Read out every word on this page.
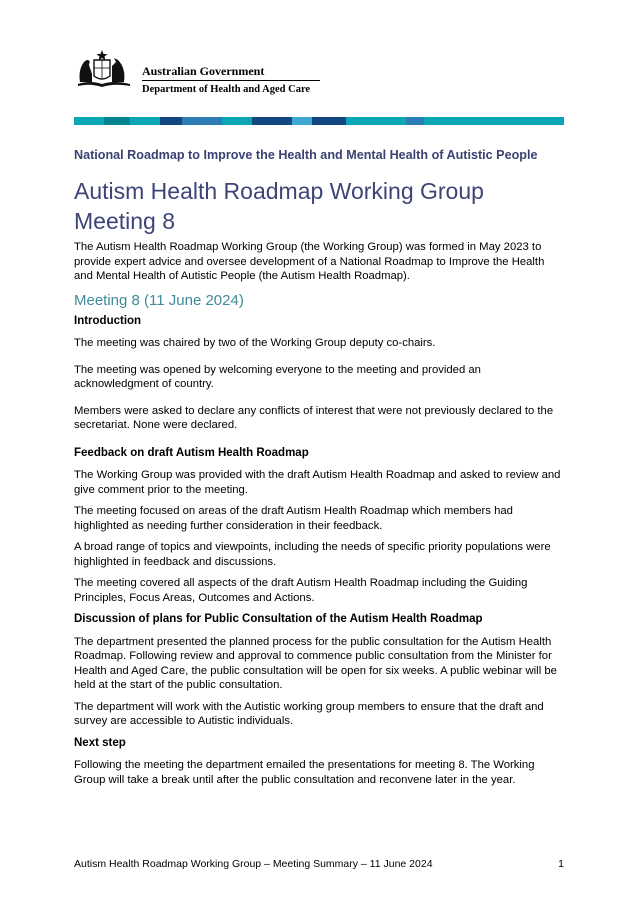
Australian Government
Department of Health and Aged Care
National Roadmap to Improve the Health and Mental Health of Autistic People
Autism Health Roadmap Working Group
Meeting 8

The Autism Health Roadmap Working Group (the Working Group) was formed in May 2023 to provide expert advice and oversee development of a National Roadmap to Improve the Health and Mental Health of Autistic People (the Autism Health Roadmap).

Meeting 8 (11 June 2024)
Introduction

The meeting was chaired by two of the Working Group deputy co-chairs.

The meeting was opened by welcoming everyone to the meeting and provided an acknowledgment of country.

Members were asked to declare any conflicts of interest that were not previously declared to the secretariat. None were declared.

Feedback on draft Autism Health Roadmap

The Working Group was provided with the draft Autism Health Roadmap and asked to review and give comment prior to the meeting.

The meeting focused on areas of the draft Autism Health Roadmap which members had highlighted as needing further consideration in their feedback.

A broad range of topics and viewpoints, including the needs of specific priority populations were highlighted in feedback and discussions.

The meeting covered all aspects of the draft Autism Health Roadmap including the Guiding Principles, Focus Areas, Outcomes and Actions.

Discussion of plans for Public Consultation of the Autism Health Roadmap

The department presented the planned process for the public consultation for the Autism Health Roadmap. Following review and approval to commence public consultation from the Minister for Health and Aged Care, the public consultation will be open for six weeks. A public webinar will be held at the start of the public consultation.

The department will work with the Autistic working group members to ensure that the draft and survey are accessible to Autistic individuals.

Next step

Following the meeting the department emailed the presentations for meeting 8. The Working Group will take a break until after the public consultation and reconvene later in the year.

Autism Health Roadmap Working Group – Meeting Summary – 11 June 2024	1
